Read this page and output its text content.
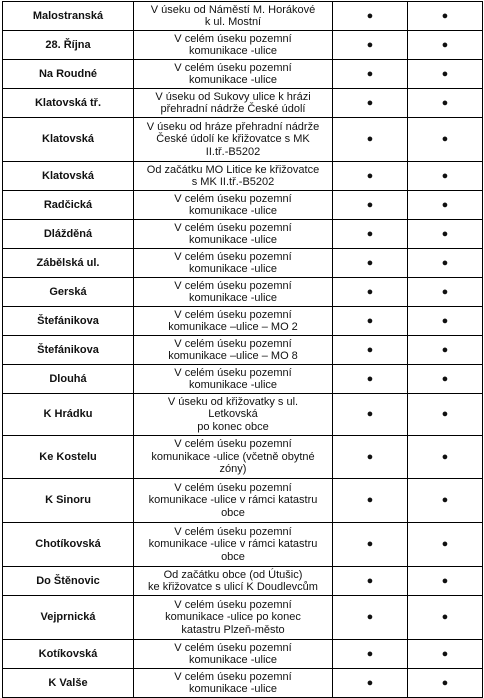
Malostranská	V úseku od Náměstí M. Horákové
k ul. Mostní	●	●
28. Října	V celém úseku pozemní
komunikace -ulice	●	●
Na Roudné	V celém úseku pozemní
komunikace -ulice	●	●
Klatovská tř.	V úseku od Sukovy ulice k hrázi
přehradní nádrže České údolí	●	●
Klatovská	V úseku od hráze přehradní nádrže
České údolí ke křižovatce s MK
II.tř.-B5202	●	●
Klatovská	Od začátku MO Litice ke křižovatce
s MK II.tř.-B5202	●	●
Radčická	V celém úseku pozemní
komunikace -ulice	●	●
Dlážděná	V celém úseku pozemní
komunikace -ulice	●	●
Zábělská ul.	V celém úseku pozemní
komunikace -ulice	●	●
Gerská	V celém úseku pozemní
komunikace -ulice	●	●
Štefánikova	V celém úseku pozemní
komunikace –ulice – MO 2	●	●
Štefánikova	V celém úseku pozemní
komunikace –ulice – MO 8	●	●
Dlouhá	V celém úseku pozemní
komunikace -ulice	●	●
K Hrádku	V úseku od křižovatky s ul.
Letkovská
po konec obce	●	●
Ke Kostelu	V celém úseku pozemní
komunikace -ulice (včetně obytné
zóny)	●	●
K Sinoru	V celém úseku pozemní
komunikace -ulice v rámci katastru
obce	●	●
Chotíkovská	V celém úseku pozemní
komunikace -ulice v rámci katastru
obce	●	●
Do Štěnovic	Od začátku obce (od Útušic)
ke křižovatce s ulicí K Doudlevcům	●	●
Vejprnická	V celém úseku pozemní
komunikace -ulice po konec
katastru Plzeň-město	●	●
Kotíkovská	V celém úseku pozemní
komunikace -ulice	●	●
K Valše	V celém úseku pozemní
komunikace -ulice	●	●
